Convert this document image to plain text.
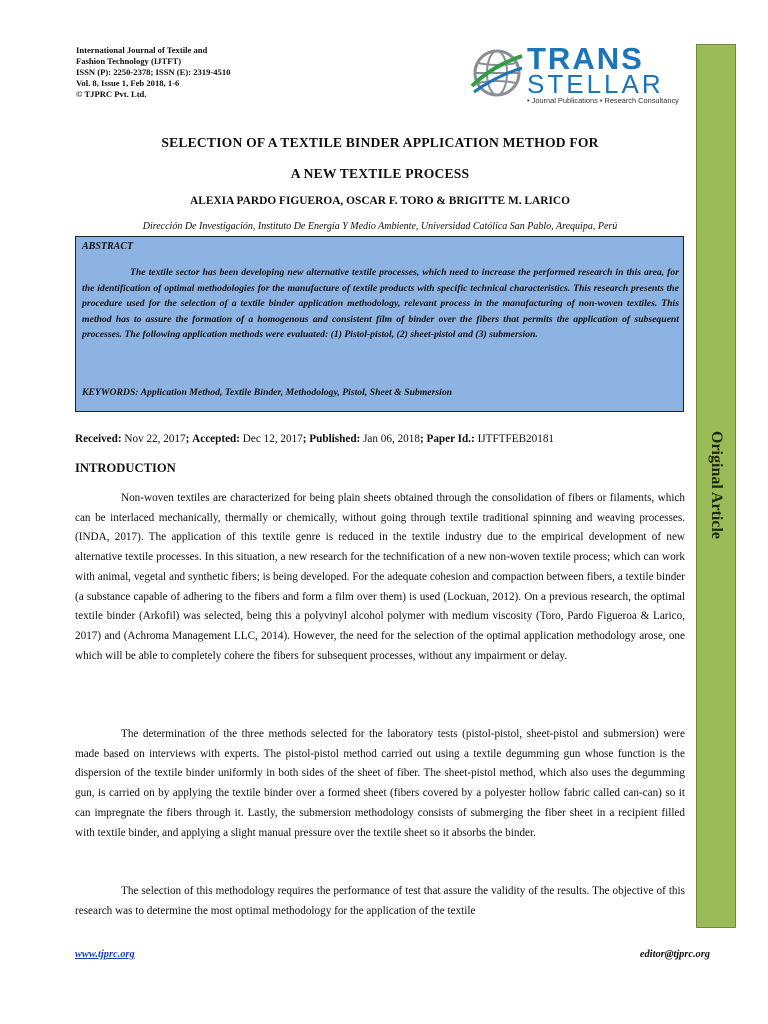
International Journal of Textile and
Fashion Technology (IJTFT)
ISSN (P): 2250-2378; ISSN (E): 2319-4510
Vol. 8, Issue 1, Feb 2018, 1-6
© TJPRC Pvt. Ltd.
TRANS
STELLAR
• Journal Publications • Research Consultancy
Original Article
SELECTION OF A TEXTILE BINDER APPLICATION METHOD FOR
A NEW TEXTILE PROCESS
ALEXIA PARDO FIGUEROA, OSCAR F. TORO & BRIGITTE M. LARICO
Dirección De Investigación, Instituto De Energía Y Medio Ambiente, Universidad Católica San Pablo, Arequipa, Perú
ABSTRACT
The textile sector has been developing new alternative textile processes, which need to increase the performed research in this area, for the identification of optimal methodologies for the manufacture of textile products with specific technical characteristics. This research presents the procedure used for the selection of a textile binder application methodology, relevant process in the manufacturing of non-woven textiles. This method has to assure the formation of a homogenous and consistent film of binder over the fibers that permits the application of subsequent processes. The following application methods were evaluated: (1) Pistol-pistol, (2) sheet-pistol and (3) submersion.
KEYWORDS: Application Method, Textile Binder, Methodology, Pistol, Sheet & Submersion
Received: Nov 22, 2017; Accepted: Dec 12, 2017; Published: Jan 06, 2018; Paper Id.: IJTFTFEB20181
INTRODUCTION

Non-woven textiles are characterized for being plain sheets obtained through the consolidation of fibers or filaments, which can be interlaced mechanically, thermally or chemically, without going through textile traditional spinning and weaving processes. (INDA, 2017). The application of this textile genre is reduced in the textile industry due to the empirical development of new alternative textile processes. In this situation, a new research for the technification of a new non-woven textile process; which can work with animal, vegetal and synthetic fibers; is being developed. For the adequate cohesion and compaction between fibers, a textile binder (a substance capable of adhering to the fibers and form a film over them) is used (Lockuan, 2012). On a previous research, the optimal textile binder (Arkofil) was selected, being this a polyvinyl alcohol polymer with medium viscosity (Toro, Pardo Figueroa & Larico, 2017) and (Achroma Management LLC, 2014). However, the need for the selection of the optimal application methodology arose, one which will be able to completely cohere the fibers for subsequent processes, without any impairment or delay.

The determination of the three methods selected for the laboratory tests (pistol-pistol, sheet-pistol and submersion) were made based on interviews with experts. The pistol-pistol method carried out using a textile degumming gun whose function is the dispersion of the textile binder uniformly in both sides of the sheet of fiber. The sheet-pistol method, which also uses the degumming gun, is carried on by applying the textile binder over a formed sheet (fibers covered by a polyester hollow fabric called can-can) so it can impregnate the fibers through it. Lastly, the submersion methodology consists of submerging the fiber sheet in a recipient filled with textile binder, and applying a slight manual pressure over the textile sheet so it absorbs the binder.

The selection of this methodology requires the performance of test that assure the validity of the results. The objective of this research was to determine the most optimal methodology for the application of the textile

www.tjprc.org	editor@tjprc.org
